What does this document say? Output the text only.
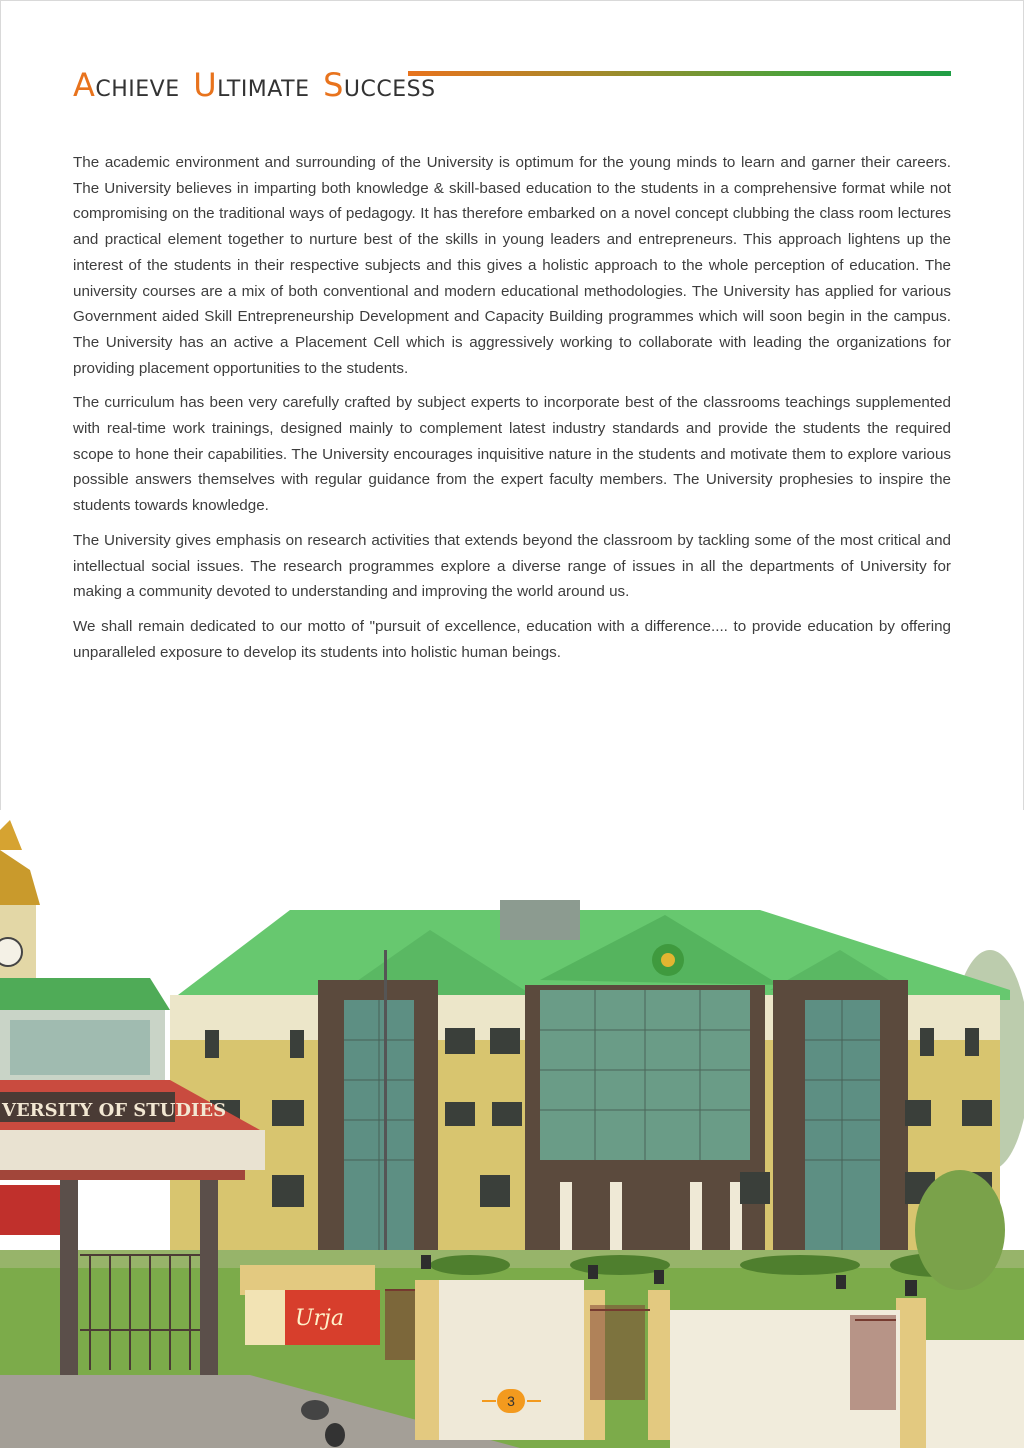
ACHIEVE ULTIMATE SUCCESS

The academic environment and surrounding of the University is optimum for the young minds to learn and garner their careers. The University believes in imparting both knowledge & skill-based education to the students in a comprehensive format while not compromising on the traditional ways of pedagogy. It has therefore embarked on a novel concept clubbing the class room lectures and practical element together to nurture best of the skills in young leaders and entrepreneurs. This approach lightens up the interest of the students in their respective subjects and this gives a holistic approach to the whole perception of education. The university courses are a mix of both conventional and modern educational methodologies. The University has applied for various Government aided Skill Entrepreneurship Development and Capacity Building programmes which will soon begin in the campus. The University has an active a Placement Cell which is aggressively working to collaborate with leading the organizations for providing placement opportunities to the students.

The curriculum has been very carefully crafted by subject experts to incorporate best of the classrooms teachings supplemented with real-time work trainings, designed mainly to complement latest industry standards and provide the students the required scope to hone their capabilities. The University encourages inquisitive nature in the students and motivate them to explore various possible answers themselves with regular guidance from the expert faculty members. The University prophesies to inspire the students towards knowledge.

The University gives emphasis on research activities that extends beyond the classroom by tackling some of the most critical and intellectual social issues. The research programmes explore a diverse range of issues in all the departments of University for making a community devoted to understanding and improving the world around us.

We shall remain dedicated to our motto of "pursuit of excellence, education with a difference.... to provide education by offering unparalleled exposure to develop its students into holistic human beings.

VERSITY OF STUDIES
Urja
3
